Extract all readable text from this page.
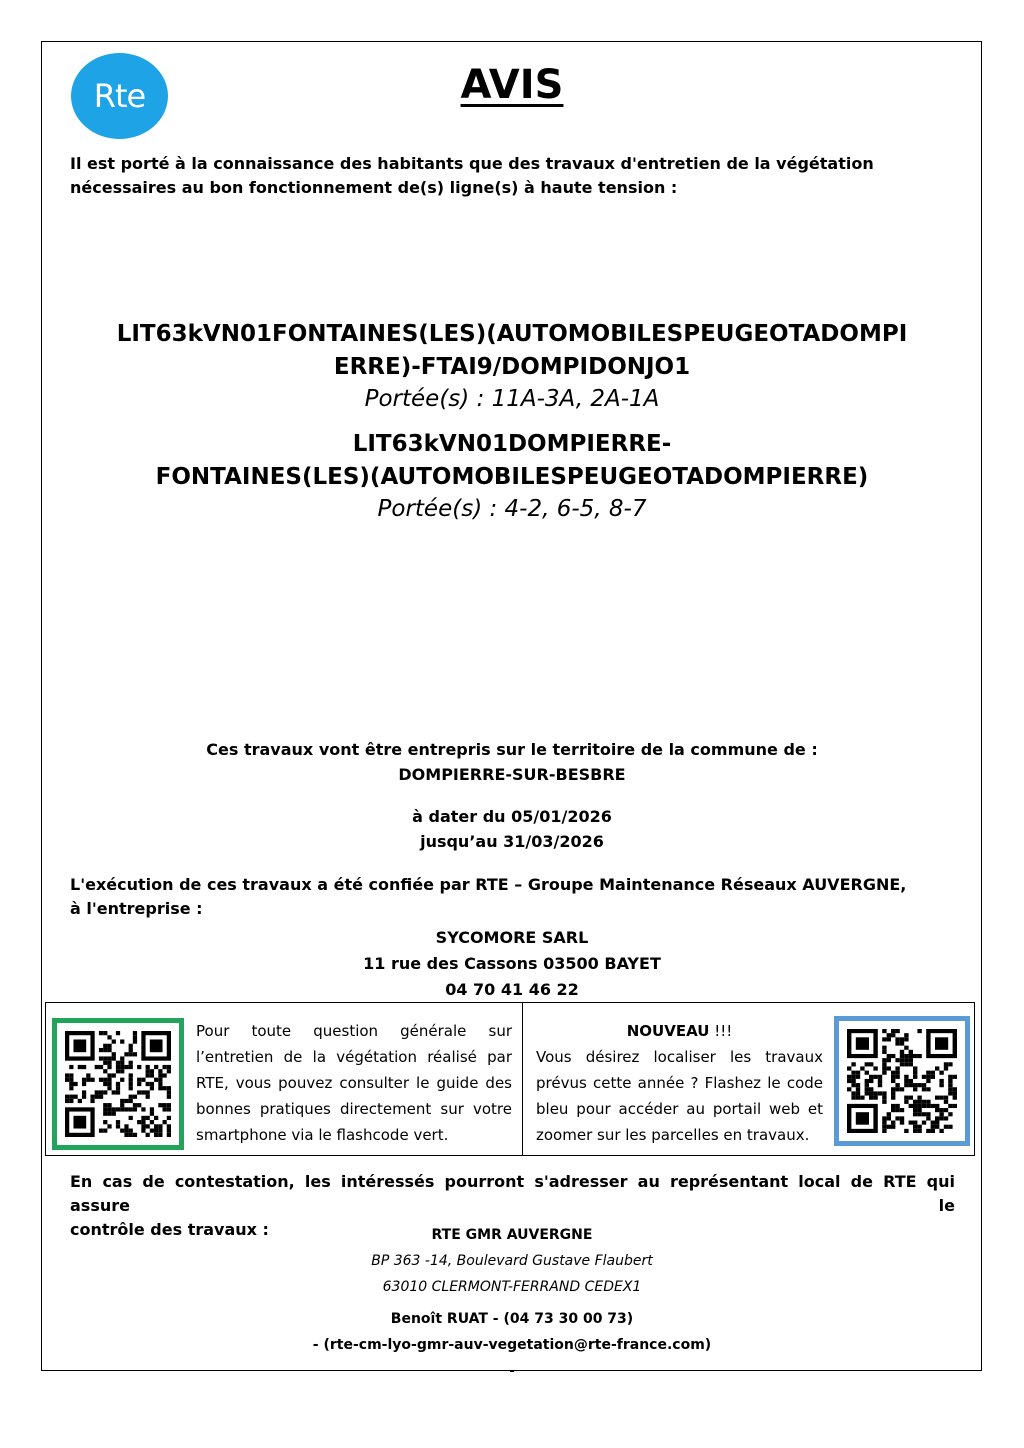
Rte	AVIS
Il est porté à la connaissance des habitants que des travaux d'entretien de la végétation
nécessaires au bon fonctionnement de(s) ligne(s) à haute tension :
LIT63kVN01FONTAINES(LES)(AUTOMOBILESPEUGEOTADOMPI
ERRE)-FTAI9/DOMPIDONJO1
Portée(s) : 11A-3A, 2A-1A
LIT63kVN01DOMPIERRE-
FONTAINES(LES)(AUTOMOBILESPEUGEOTADOMPIERRE)
Portée(s) : 4-2, 6-5, 8-7
Ces travaux vont être entrepris sur le territoire de la commune de :
DOMPIERRE-SUR-BESBRE
à dater du 05/01/2026
jusqu’au 31/03/2026
L'exécution de ces travaux a été confiée par RTE – Groupe Maintenance Réseaux AUVERGNE,
à l'entreprise :
SYCOMORE SARL
11 rue des Cassons 03500 BAYET
04 70 41 46 22
Pour toute question générale sur
l’entretien de la végétation réalisé par
RTE, vous pouvez consulter le guide des
bonnes pratiques directement sur votre
smartphone via le flashcode vert.
NOUVEAU !!!
Vous désirez localiser les travaux
prévus cette année ? Flashez le code
bleu pour accéder au portail web et
zoomer sur les parcelles en travaux.
En cas de contestation, les intéressés pourront s'adresser au représentant local de RTE qui assure le
contrôle des travaux :	RTE GMR AUVERGNE
BP 363 -14, Boulevard Gustave Flaubert
63010 CLERMONT-FERRAND CEDEX1
Benoît RUAT - (04 73 30 00 73)
- (rte-cm-lyo-gmr-auv-vegetation@rte-france.com)
-
